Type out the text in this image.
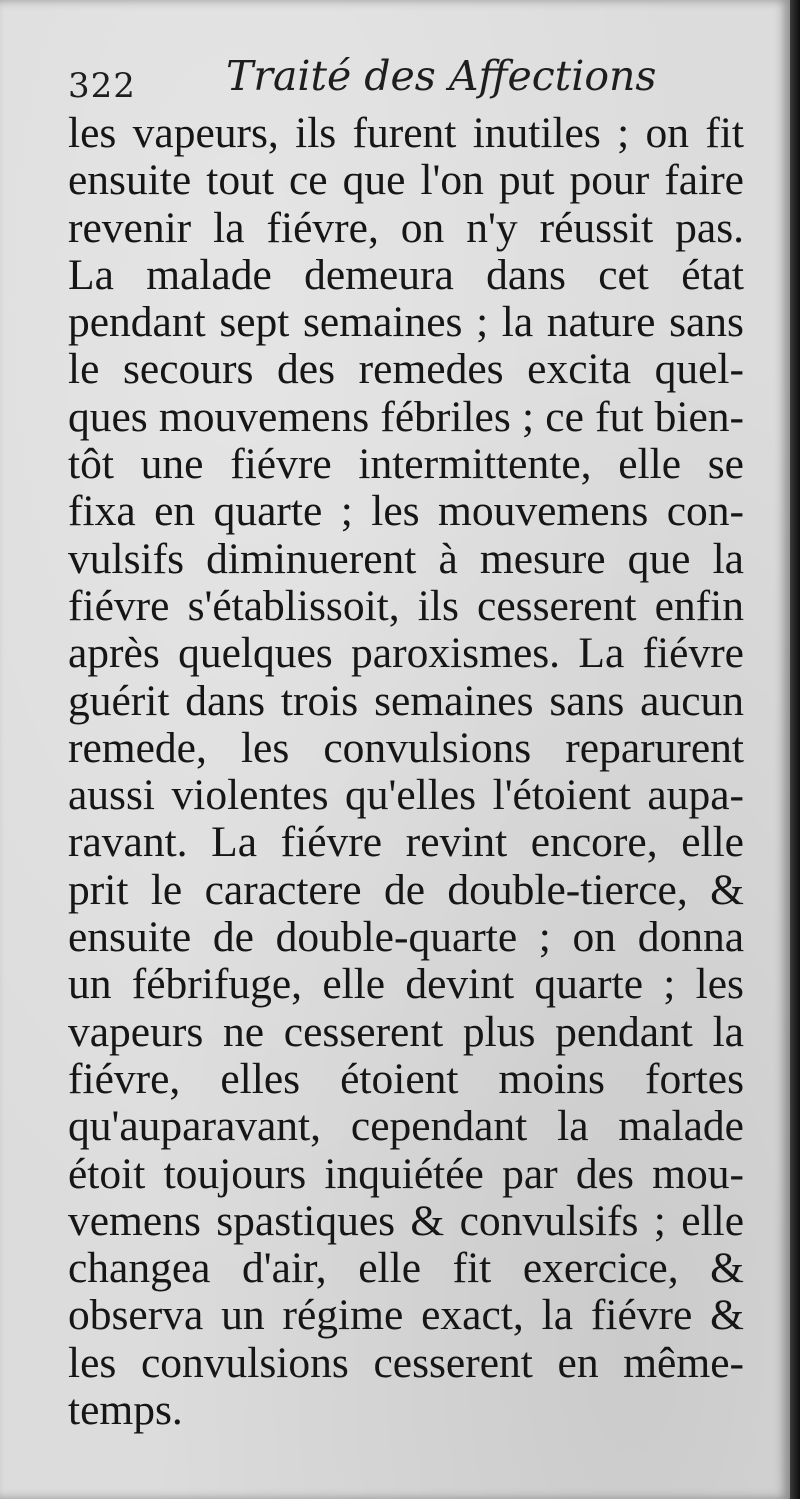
322 Traité des Affections
les vapeurs, ils furent inutiles ; on fit
ensuite tout ce que l'on put pour faire
revenir la fiévre, on n'y réussit pas.
La malade demeura dans cet état
pendant sept semaines ; la nature sans
le secours des remedes excita quel-
ques mouvemens fébriles ; ce fut bien-
tôt une fiévre intermittente, elle se
fixa en quarte ; les mouvemens con-
vulsifs diminuerent à mesure que la
fiévre s'établissoit, ils cesserent enfin
après quelques paroxismes. La fiévre
guérit dans trois semaines sans aucun
remede, les convulsions reparurent
aussi violentes qu'elles l'étoient aupa-
ravant. La fiévre revint encore, elle
prit le caractere de double-tierce, &
ensuite de double-quarte ; on donna
un fébrifuge, elle devint quarte ; les
vapeurs ne cesserent plus pendant la
fiévre, elles étoient moins fortes
qu'auparavant, cependant la malade
étoit toujours inquiétée par des mou-
vemens spastiques & convulsifs ; elle
changea d'air, elle fit exercice, &
observa un régime exact, la fiévre &
les convulsions cesserent en même-
temps.
